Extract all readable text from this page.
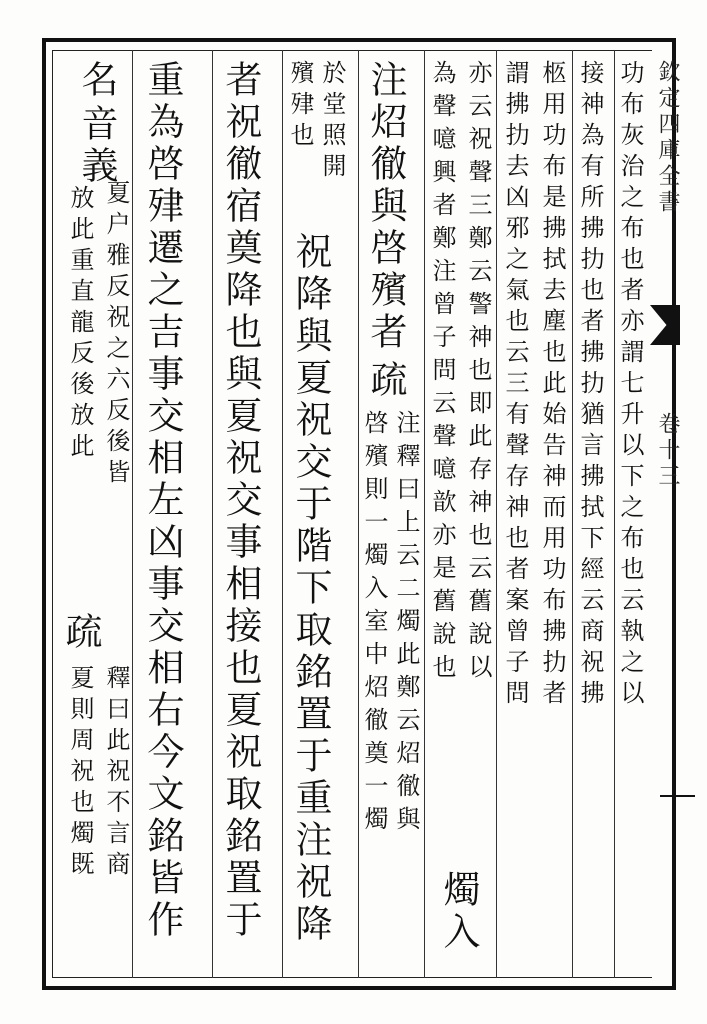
欽定四庫全書
卷十三
功布灰治之布也者亦謂七升以下之布也云執之以
接神為有所拂扐也者拂扐猶言拂拭下經云商祝拂
柩用功布是拂拭去塵也此始告神而用功布拂扐者
謂拂扐去凶邪之氣也云三有聲存神也者案曾子問
亦云祝聲三鄭云警神也即此存神也云舊說以
為聲噫興者鄭注曾子問云聲噫歆亦是舊說也
燭入
注炤徹與啓殯者
疏
注釋曰上云二燭此鄭云炤徹與
啓殯則一燭入室中炤徹奠一燭
於堂照開
殯肂也
祝降與夏祝交于階下取銘置于重注祝降
者祝徹宿奠降也與夏祝交事相接也夏祝取銘置于
重為啓肂遷之吉事交相左凶事交相右今文銘皆作
名
音義
夏户雅反祝之六反後皆
放此重直龍反後放此
疏
釋曰此祝不言商
夏則周祝也燭既
